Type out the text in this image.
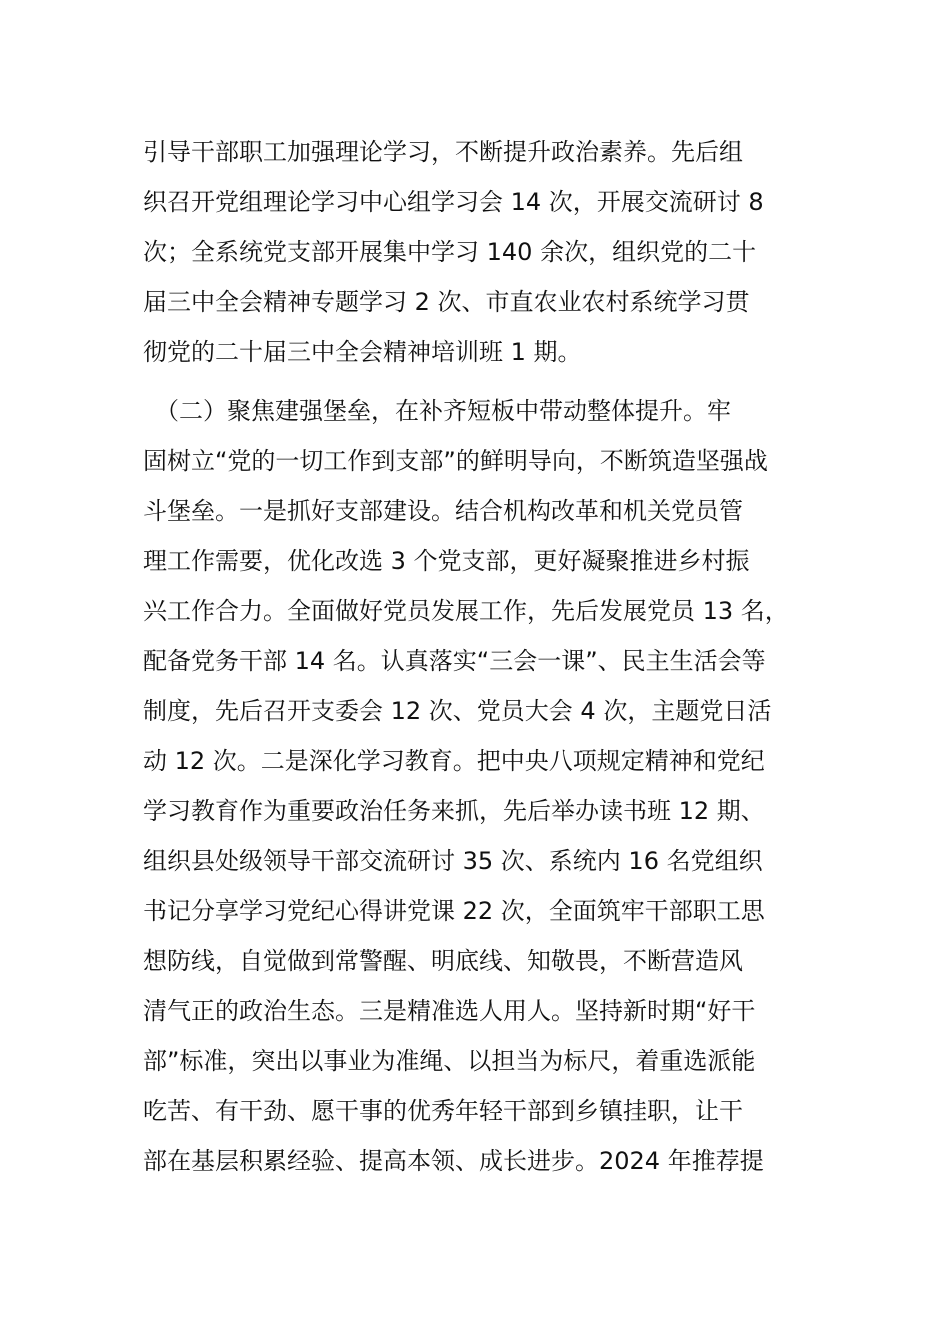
引导干部职工加强理论学习，不断提升政治素养。先后组
织召开党组理论学习中心组学习会 14 次，开展交流研讨 8
次；全系统党支部开展集中学习 140 余次，组织党的二十
届三中全会精神专题学习 2 次、市直农业农村系统学习贯
彻党的二十届三中全会精神培训班 1 期。
　（二）聚焦建强堡垒，在补齐短板中带动整体提升。牢
固树立“党的一切工作到支部”的鲜明导向，不断筑造坚强战
斗堡垒。一是抓好支部建设。结合机构改革和机关党员管
理工作需要，优化改选 3 个党支部，更好凝聚推进乡村振
兴工作合力。全面做好党员发展工作，先后发展党员 13 名，
配备党务干部 14 名。认真落实“三会一课”、民主生活会等
制度，先后召开支委会 12 次、党员大会 4 次，主题党日活
动 12 次。二是深化学习教育。把中央八项规定精神和党纪
学习教育作为重要政治任务来抓，先后举办读书班 12 期、
组织县处级领导干部交流研讨 35 次、系统内 16 名党组织
书记分享学习党纪心得讲党课 22 次，全面筑牢干部职工思
想防线，自觉做到常警醒、明底线、知敬畏，不断营造风
清气正的政治生态。三是精准选人用人。坚持新时期“好干
部”标准，突出以事业为准绳、以担当为标尺，着重选派能
吃苦、有干劲、愿干事的优秀年轻干部到乡镇挂职，让干
部在基层积累经验、提高本领、成长进步。2024 年推荐提
